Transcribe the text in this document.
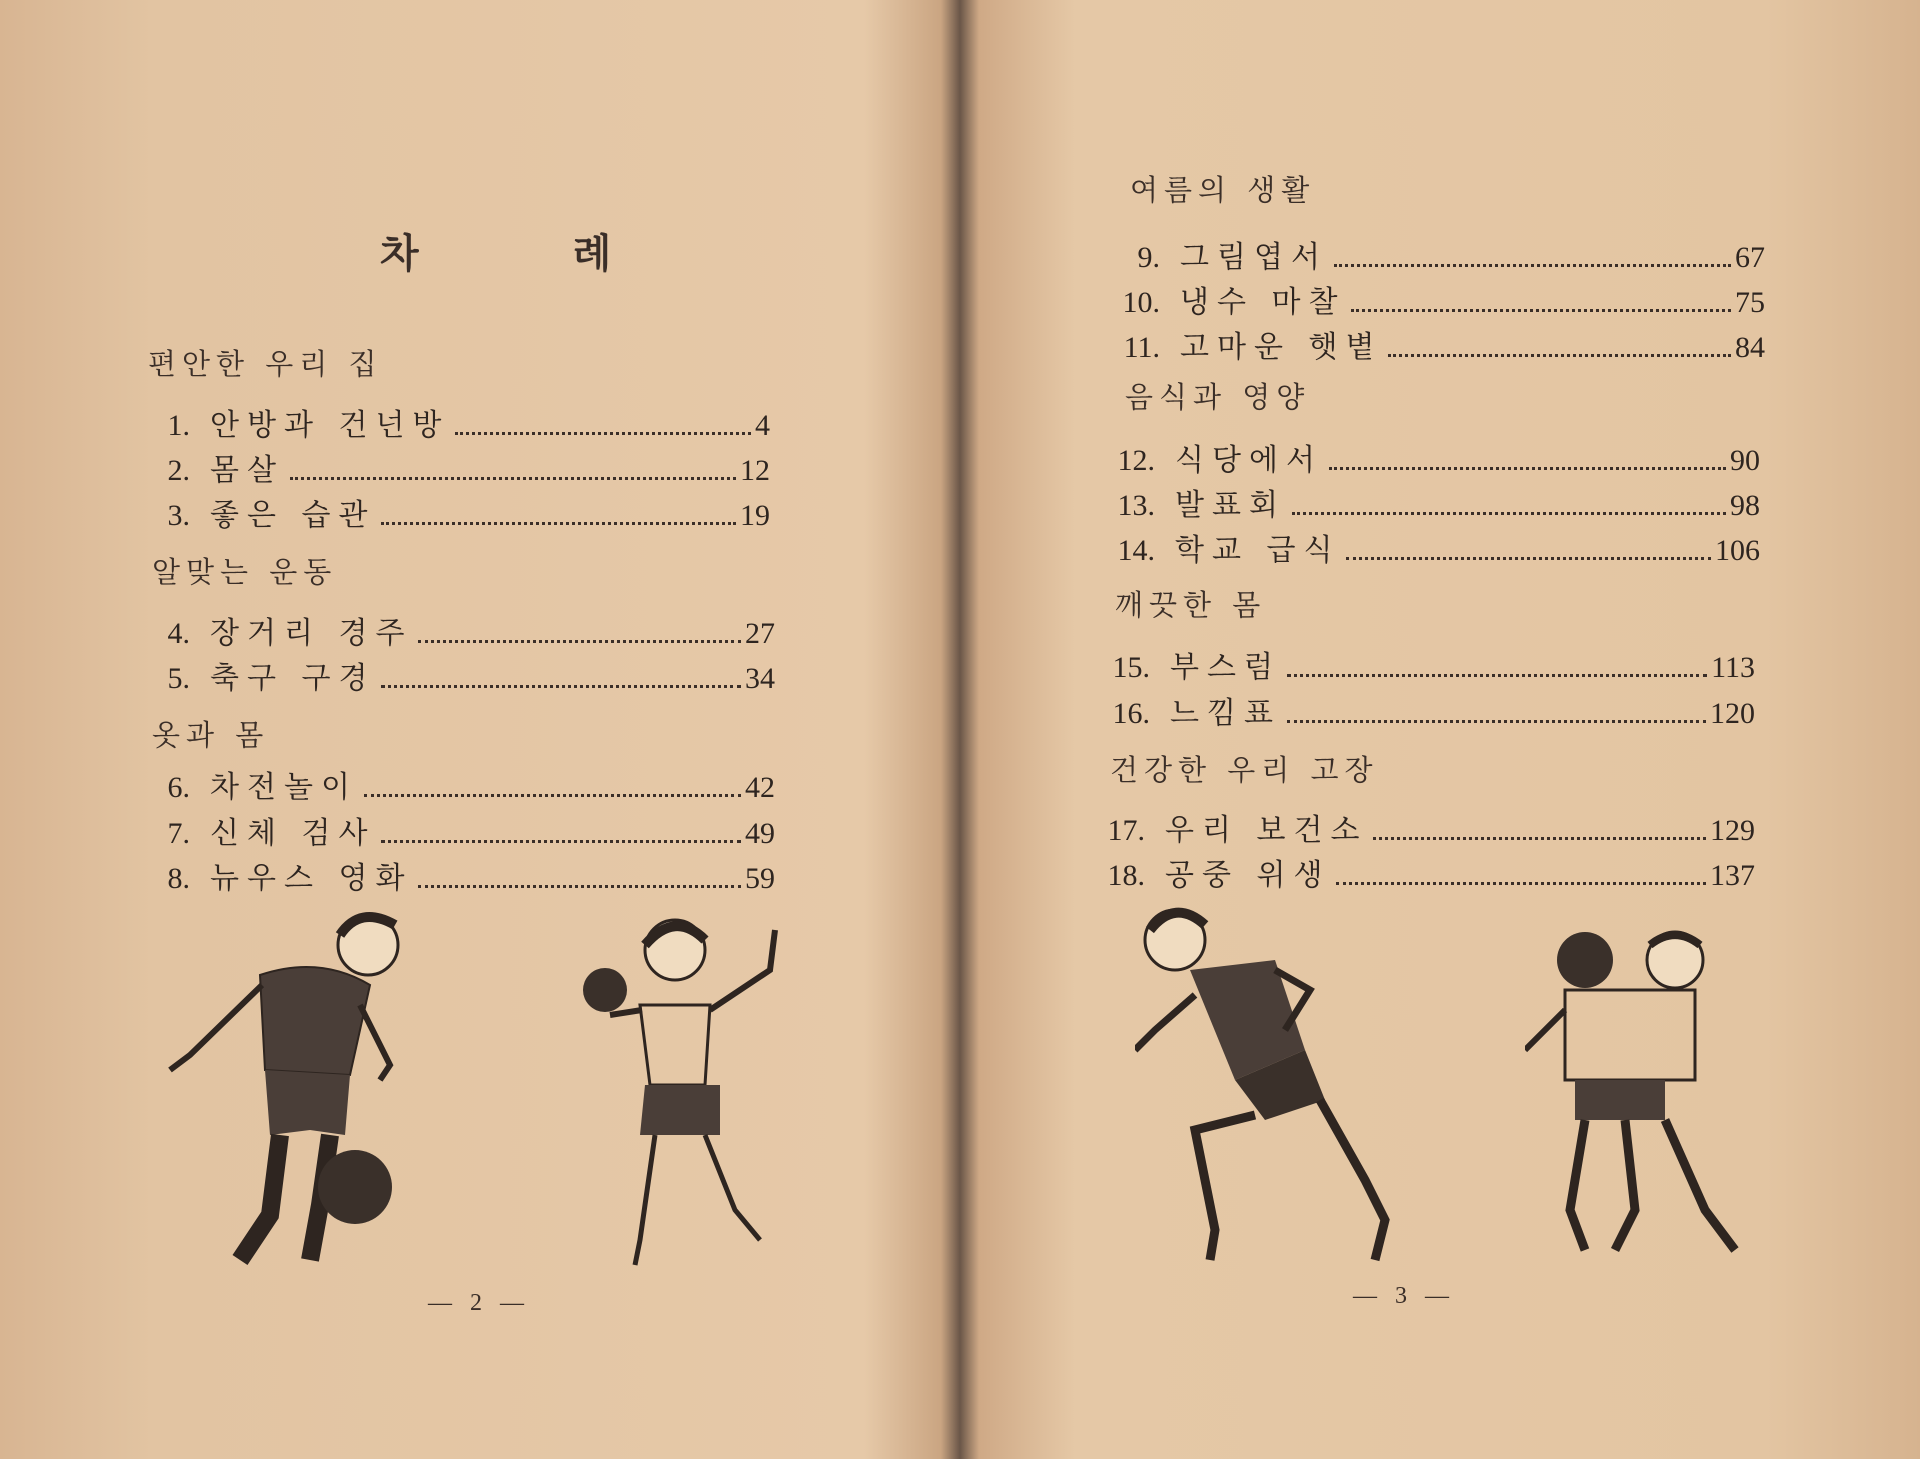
차 례
편안한 우리 집
1. 안방과 건넌방	4
2. 몸살	12
3. 좋은 습관	19
알맞는 운동
4. 장거리 경주	27
5. 축구 구경	34
옷과 몸
6. 차전놀이	42
7. 신체 검사	49
8. 뉴우스 영화	59
— 2 —
여름의 생활
9. 그림엽서	67
10. 냉수 마찰	75
11. 고마운 햇볕	84
음식과 영양
12. 식당에서	90
13. 발표회	98
14. 학교 급식	106
깨끗한 몸
15. 부스럼	113
16. 느낌표	120
건강한 우리 고장
17. 우리 보건소	129
18. 공중 위생	137
— 3 —
